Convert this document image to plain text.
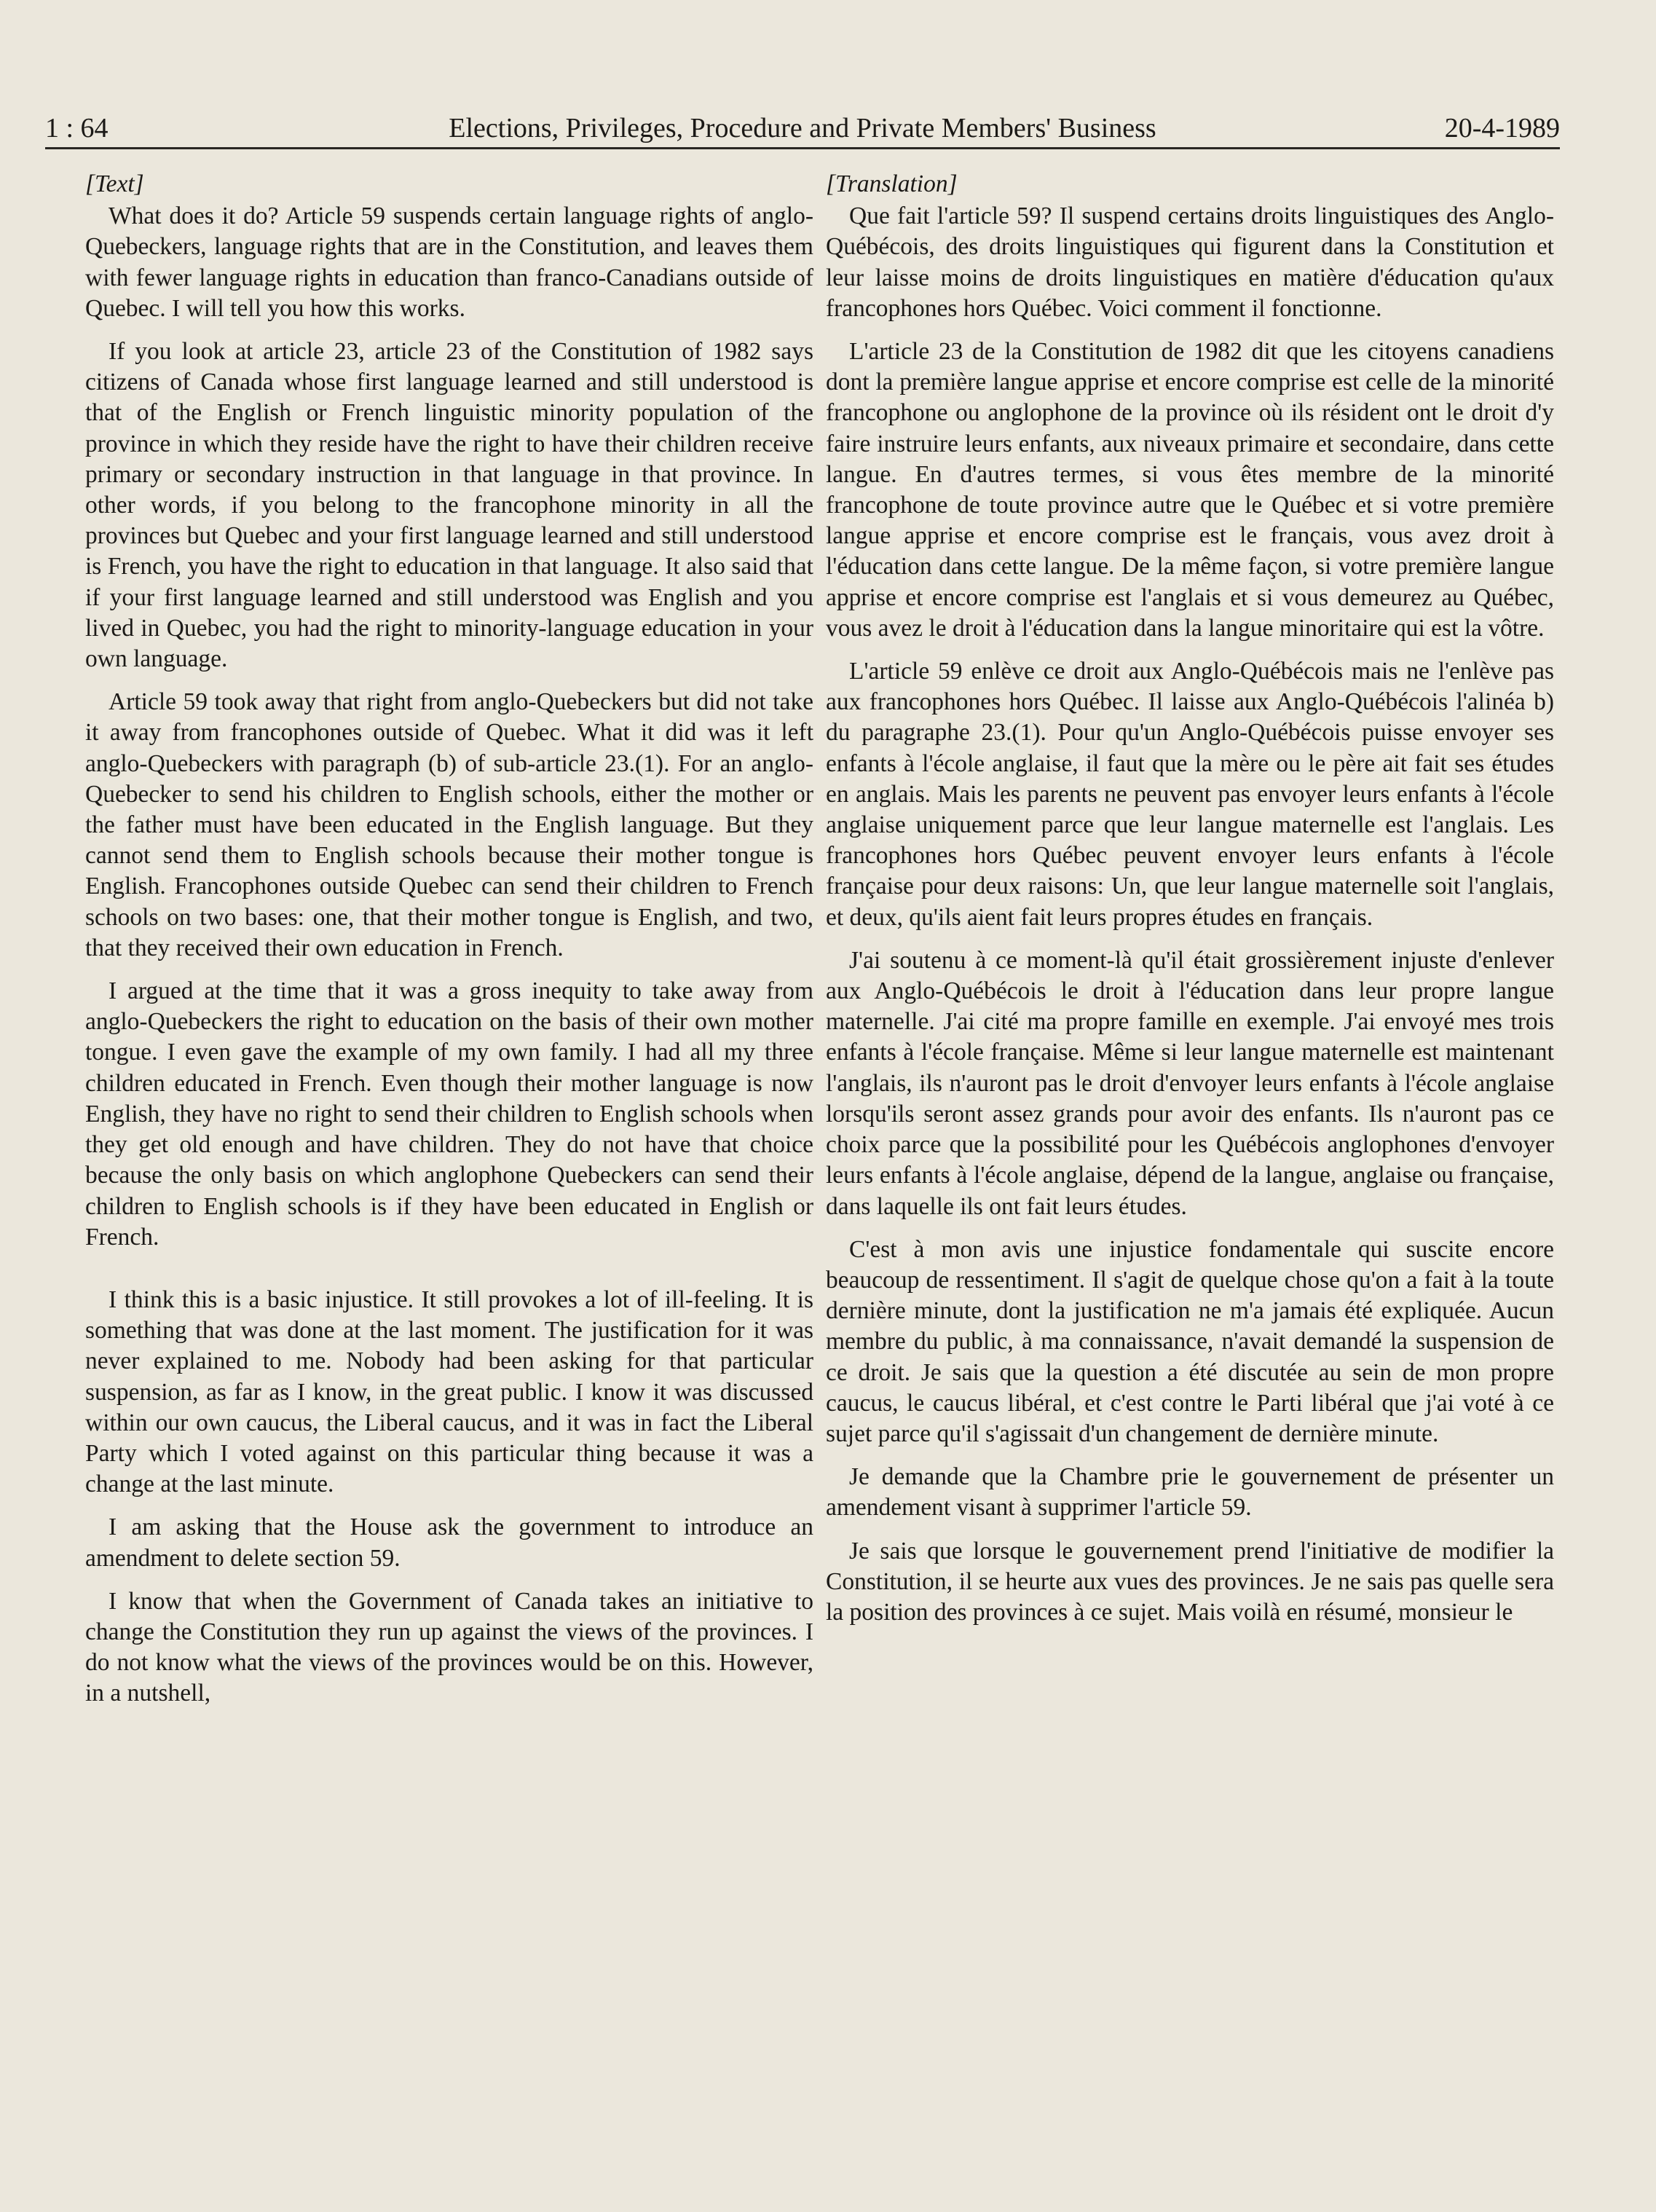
1 : 64	Elections, Privileges, Procedure and Private Members' Business	20-4-1989
[Text]

What does it do? Article 59 suspends certain language rights of anglo-Quebeckers, language rights that are in the Constitution, and leaves them with fewer language rights in education than franco-Canadians outside of Quebec. I will tell you how this works.

If you look at article 23, article 23 of the Constitution of 1982 says citizens of Canada whose first language learned and still understood is that of the English or French linguistic minority population of the province in which they reside have the right to have their children receive primary or secondary instruction in that language in that province. In other words, if you belong to the francophone minority in all the provinces but Quebec and your first language learned and still understood is French, you have the right to education in that language. It also said that if your first language learned and still understood was English and you lived in Quebec, you had the right to minority-language education in your own language.

Article 59 took away that right from anglo-Quebeckers but did not take it away from francophones outside of Quebec. What it did was it left anglo-Quebeckers with paragraph (b) of sub-article 23.(1). For an anglo-Quebecker to send his children to English schools, either the mother or the father must have been educated in the English language. But they cannot send them to English schools because their mother tongue is English. Francophones outside Quebec can send their children to French schools on two bases: one, that their mother tongue is English, and two, that they received their own education in French.

I argued at the time that it was a gross inequity to take away from anglo-Quebeckers the right to education on the basis of their own mother tongue. I even gave the example of my own family. I had all my three children educated in French. Even though their mother language is now English, they have no right to send their children to English schools when they get old enough and have children. They do not have that choice because the only basis on which anglophone Quebeckers can send their children to English schools is if they have been educated in English or French.

I think this is a basic injustice. It still provokes a lot of ill-feeling. It is something that was done at the last moment. The justification for it was never explained to me. Nobody had been asking for that particular suspension, as far as I know, in the great public. I know it was discussed within our own caucus, the Liberal caucus, and it was in fact the Liberal Party which I voted against on this particular thing because it was a change at the last minute.

I am asking that the House ask the government to introduce an amendment to delete section 59.

I know that when the Government of Canada takes an initiative to change the Constitution they run up against the views of the provinces. I do not know what the views of the provinces would be on this. However, in a nutshell,

[Translation]

Que fait l'article 59? Il suspend certains droits linguistiques des Anglo-Québécois, des droits linguistiques qui figurent dans la Constitution et leur laisse moins de droits linguistiques en matière d'éducation qu'aux francophones hors Québec. Voici comment il fonctionne.

L'article 23 de la Constitution de 1982 dit que les citoyens canadiens dont la première langue apprise et encore comprise est celle de la minorité francophone ou anglophone de la province où ils résident ont le droit d'y faire instruire leurs enfants, aux niveaux primaire et secondaire, dans cette langue. En d'autres termes, si vous êtes membre de la minorité francophone de toute province autre que le Québec et si votre première langue apprise et encore comprise est le français, vous avez droit à l'éducation dans cette langue. De la même façon, si votre première langue apprise et encore comprise est l'anglais et si vous demeurez au Québec, vous avez le droit à l'éducation dans la langue minoritaire qui est la vôtre.

L'article 59 enlève ce droit aux Anglo-Québécois mais ne l'enlève pas aux francophones hors Québec. Il laisse aux Anglo-Québécois l'alinéa b) du paragraphe 23.(1). Pour qu'un Anglo-Québécois puisse envoyer ses enfants à l'école anglaise, il faut que la mère ou le père ait fait ses études en anglais. Mais les parents ne peuvent pas envoyer leurs enfants à l'école anglaise uniquement parce que leur langue maternelle est l'anglais. Les francophones hors Québec peuvent envoyer leurs enfants à l'école française pour deux raisons: Un, que leur langue maternelle soit l'anglais, et deux, qu'ils aient fait leurs propres études en français.

J'ai soutenu à ce moment-là qu'il était grossièrement injuste d'enlever aux Anglo-Québécois le droit à l'éducation dans leur propre langue maternelle. J'ai cité ma propre famille en exemple. J'ai envoyé mes trois enfants à l'école française. Même si leur langue maternelle est maintenant l'anglais, ils n'auront pas le droit d'envoyer leurs enfants à l'école anglaise lorsqu'ils seront assez grands pour avoir des enfants. Ils n'auront pas ce choix parce que la possibilité pour les Québécois anglophones d'envoyer leurs enfants à l'école anglaise, dépend de la langue, anglaise ou française, dans laquelle ils ont fait leurs études.

C'est à mon avis une injustice fondamentale qui suscite encore beaucoup de ressentiment. Il s'agit de quelque chose qu'on a fait à la toute dernière minute, dont la justification ne m'a jamais été expliquée. Aucun membre du public, à ma connaissance, n'avait demandé la suspension de ce droit. Je sais que la question a été discutée au sein de mon propre caucus, le caucus libéral, et c'est contre le Parti libéral que j'ai voté à ce sujet parce qu'il s'agissait d'un changement de dernière minute.

Je demande que la Chambre prie le gouvernement de présenter un amendement visant à supprimer l'article 59.

Je sais que lorsque le gouvernement prend l'initiative de modifier la Constitution, il se heurte aux vues des provinces. Je ne sais pas quelle sera la position des provinces à ce sujet. Mais voilà en résumé, monsieur le
